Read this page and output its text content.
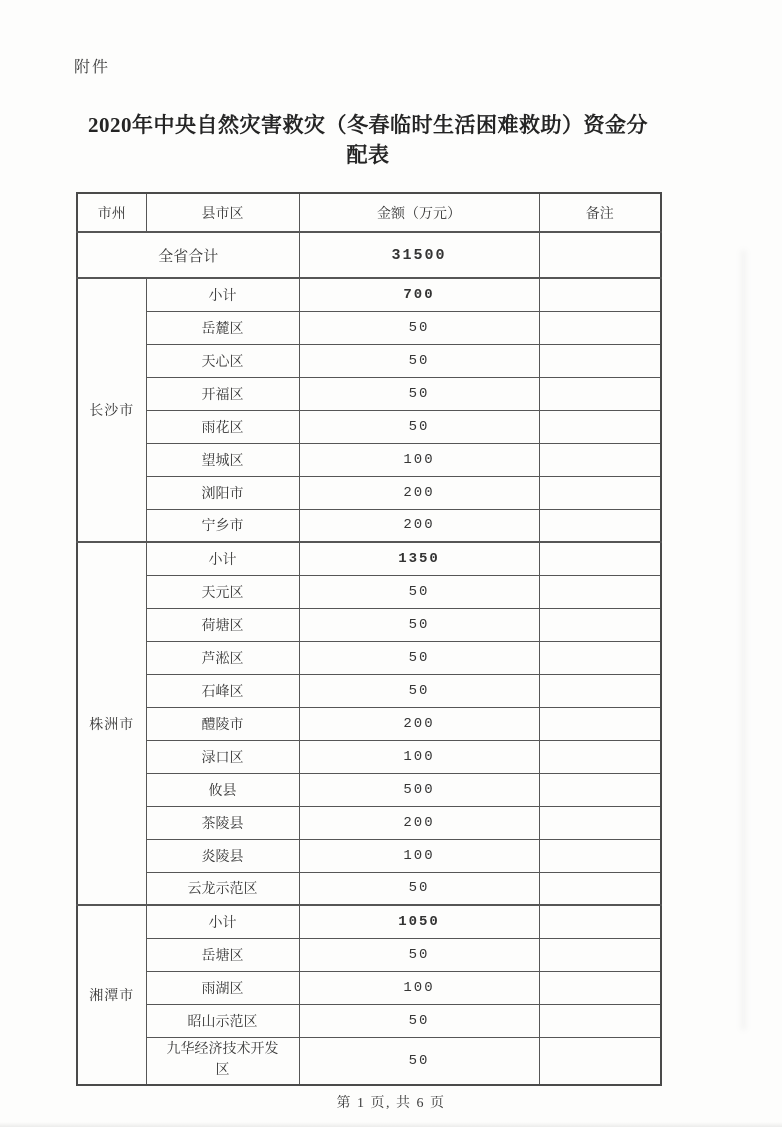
附件
2020年中央自然灾害救灾（冬春临时生活困难救助）资金分
配表
市州	县市区	金额（万元）	备注
全省合计		31500	
长沙市	小计	700	
	岳麓区	50	
	天心区	50	
	开福区	50	
	雨花区	50	
	望城区	100	
	浏阳市	200	
	宁乡市	200	
株洲市	小计	1350	
	天元区	50	
	荷塘区	50	
	芦淞区	50	
	石峰区	50	
	醴陵市	200	
	渌口区	100	
	攸县	500	
	茶陵县	200	
	炎陵县	100	
	云龙示范区	50	
湘潭市	小计	1050	
	岳塘区	50	
	雨湖区	100	
	昭山示范区	50	
	九华经济技术开发区	50	
第 1 页, 共 6 页
